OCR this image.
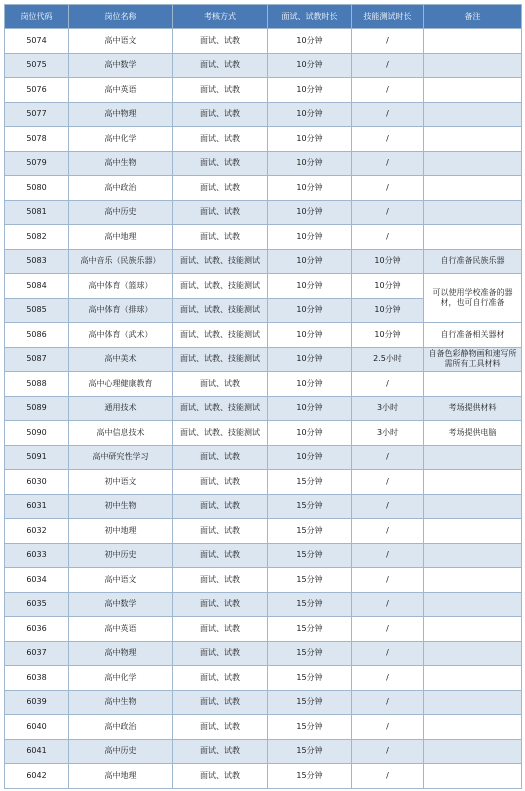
岗位代码	岗位名称	考核方式	面试、试教时长	技能测试时长	备注
5074	高中语文	面试、试教	10分钟	/	
5075	高中数学	面试、试教	10分钟	/	
5076	高中英语	面试、试教	10分钟	/	
5077	高中物理	面试、试教	10分钟	/	
5078	高中化学	面试、试教	10分钟	/	
5079	高中生物	面试、试教	10分钟	/	
5080	高中政治	面试、试教	10分钟	/	
5081	高中历史	面试、试教	10分钟	/	
5082	高中地理	面试、试教	10分钟	/	
5083	高中音乐（民族乐器）	面试、试教、技能测试	10分钟	10分钟	自行准备民族乐器
5084	高中体育（篮球）	面试、试教、技能测试	10分钟	10分钟	可以使用学校准备的器材，也可自行准备
5085	高中体育（排球）	面试、试教、技能测试	10分钟	10分钟	
5086	高中体育（武术）	面试、试教、技能测试	10分钟	10分钟	自行准备相关器材
5087	高中美术	面试、试教、技能测试	10分钟	2.5小时	自备色彩静物画和速写所需所有工具材料
5088	高中心理健康教育	面试、试教	10分钟	/	
5089	通用技术	面试、试教、技能测试	10分钟	3小时	考场提供材料
5090	高中信息技术	面试、试教、技能测试	10分钟	3小时	考场提供电脑
5091	高中研究性学习	面试、试教	10分钟	/	
6030	初中语文	面试、试教	15分钟	/	
6031	初中生物	面试、试教	15分钟	/	
6032	初中地理	面试、试教	15分钟	/	
6033	初中历史	面试、试教	15分钟	/	
6034	高中语文	面试、试教	15分钟	/	
6035	高中数学	面试、试教	15分钟	/	
6036	高中英语	面试、试教	15分钟	/	
6037	高中物理	面试、试教	15分钟	/	
6038	高中化学	面试、试教	15分钟	/	
6039	高中生物	面试、试教	15分钟	/	
6040	高中政治	面试、试教	15分钟	/	
6041	高中历史	面试、试教	15分钟	/	
6042	高中地理	面试、试教	15分钟	/	
